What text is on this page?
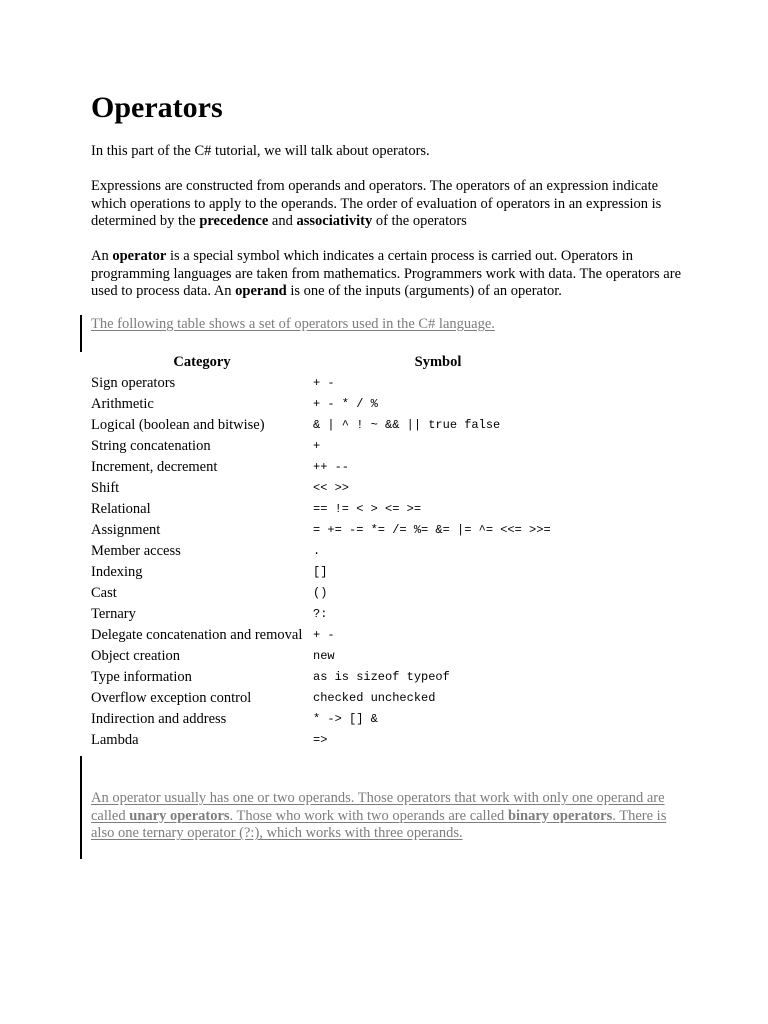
Operators

In this part of the C# tutorial, we will talk about operators.

Expressions are constructed from operands and operators. The operators of an expression indicate which operations to apply to the operands. The order of evaluation of operators in an expression is determined by the precedence and associativity of the operators

An operator is a special symbol which indicates a certain process is carried out. Operators in programming languages are taken from mathematics. Programmers work with data. The operators are used to process data. An operand is one of the inputs (arguments) of an operator.

The following table shows a set of operators used in the C# language.

Category	Symbol
Sign operators	+ -
Arithmetic	+ - * / %
Logical (boolean and bitwise)	& | ^ ! ~ && || true false
String concatenation	+
Increment, decrement	++ --
Shift	<< >>
Relational	== != < > <= >=
Assignment	= += -= *= /= %= &= |= ^= <<= >>=
Member access	.
Indexing	[]
Cast	()
Ternary	?:
Delegate concatenation and removal	+ -
Object creation	new
Type information	as is sizeof typeof
Overflow exception control	checked unchecked
Indirection and address	* -> [] &
Lambda	=>

An operator usually has one or two operands. Those operators that work with only one operand are called unary operators. Those who work with two operands are called binary operators. There is also one ternary operator (?:), which works with three operands.
